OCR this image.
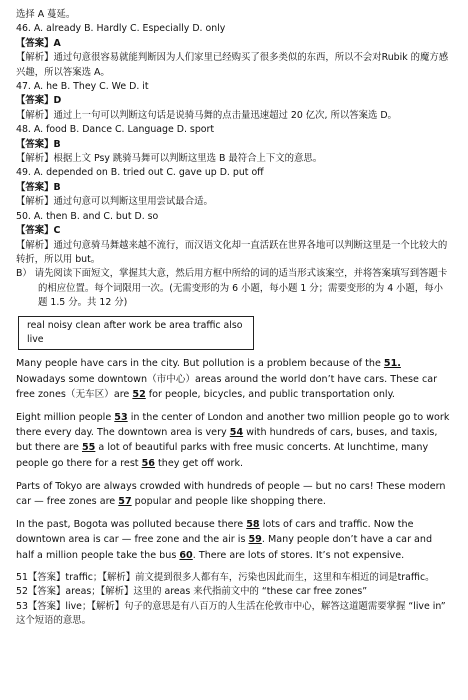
选择 A 蔓延。
46. A. already B. Hardly C. Especially D. only
【答案】A
【解析】通过句意很容易就能判断因为人们家里已经购买了很多类似的东西，所以不会对Rubik 的魔方感兴趣，所以答案选 A。
47. A. he B. They C. We D. it
【答案】D
【解析】通过上一句可以判断这句话是说骑马舞的点击量迅速超过 20 亿次, 所以答案选 D。
48. A. food B. Dance C. Language D. sport
【答案】B
【解析】根据上文 Psy 跳骑马舞可以判断这里选 B 最符合上下文的意思。
49. A. depended on B. tried out C. gave up D. put off
【答案】B
【解析】通过句意可以判断这里用尝试最合适。
50. A. then B. and C. but D. so
【答案】C
【解析】通过句意骑马舞越来越不流行，而汉语文化却一直活跃在世界各地可以判断这里是一个比较大的转折，所以用 but。
B） 请先阅读下面短文，掌握其大意，然后用方框中所给的词的适当形式该案空，并将答案填写到答题卡的相应位置。每个词限用一次。(无需变形的为 6 小题，每小题 1 分；需要变形的为 4 小题，每小题 1.5 分。共 12 分)
real noisy clean after work be area traffic also live

Many people have cars in the city. But pollution is a problem because of the 51. Nowadays some downtown（市中心）areas around the world don’t have cars. These car free zones（无车区）are 52 for people, bicycles, and public transportation only.

Eight million people 53 in the center of London and another two million people go to work there every day. The downtown area is very 54 with hundreds of cars, buses, and taxis, but there are 55 a lot of beautiful parks with free music concerts. At lunchtime, many people go there for a rest 56 they get off work.

Parts of Tokyo are always crowded with hundreds of people — but no cars! These modern car — free zones are 57 popular and people like shopping there.

In the past, Bogota was polluted because there 58 lots of cars and traffic. Now the downtown area is car — free zone and the air is 59. Many people don’t have a car and half a million people take the bus 60. There are lots of stores. It’s not expensive.

51【答案】traffic；【解析】前文提到很多人都有车，污染也因此而生，这里和车相近的词是traffic。
52【答案】areas；【解析】这里的 areas 来代指前文中的 “these car free zones”
53【答案】live；【解析】句子的意思是有八百万的人生活在伦敦市中心，解答这道题需要掌握 “live in” 这个短语的意思。
